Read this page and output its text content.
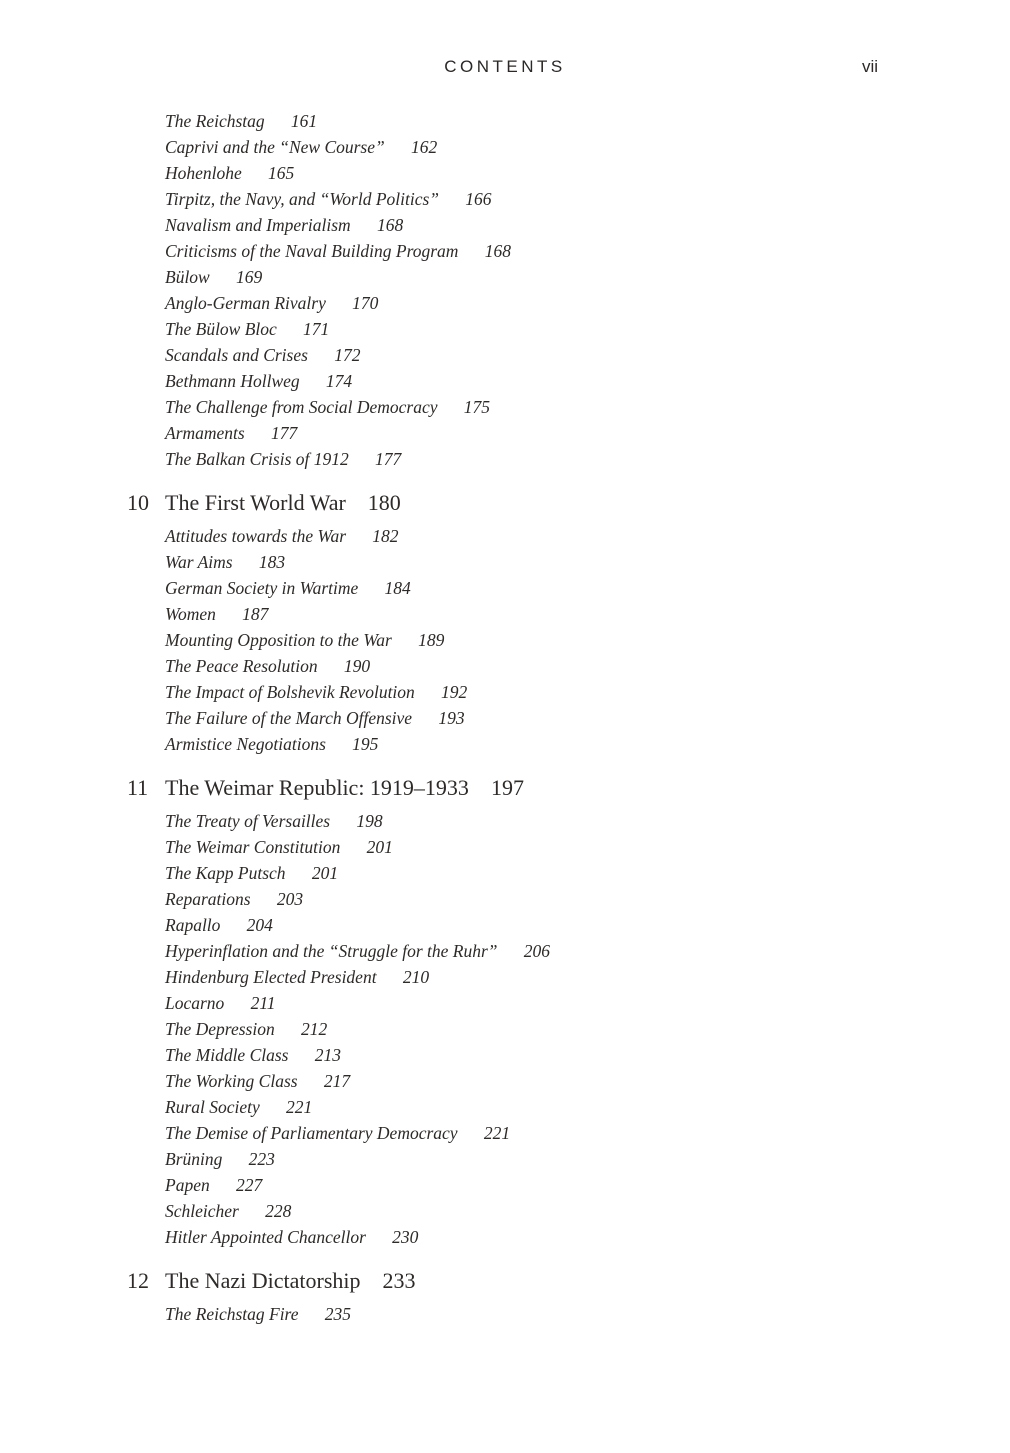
CONTENTS	vii
The Reichstag 161
Caprivi and the “New Course” 162
Hohenlohe 165
Tirpitz, the Navy, and “World Politics” 166
Navalism and Imperialism 168
Criticisms of the Naval Building Program 168
Bülow 169
Anglo-German Rivalry 170
The Bülow Bloc 171
Scandals and Crises 172
Bethmann Hollweg 174
The Challenge from Social Democracy 175
Armaments 177
The Balkan Crisis of 1912 177
10 The First World War 180
Attitudes towards the War 182
War Aims 183
German Society in Wartime 184
Women 187
Mounting Opposition to the War 189
The Peace Resolution 190
The Impact of Bolshevik Revolution 192
The Failure of the March Offensive 193
Armistice Negotiations 195
11 The Weimar Republic: 1919–1933 197
The Treaty of Versailles 198
The Weimar Constitution 201
The Kapp Putsch 201
Reparations 203
Rapallo 204
Hyperinflation and the “Struggle for the Ruhr” 206
Hindenburg Elected President 210
Locarno 211
The Depression 212
The Middle Class 213
The Working Class 217
Rural Society 221
The Demise of Parliamentary Democracy 221
Brüning 223
Papen 227
Schleicher 228
Hitler Appointed Chancellor 230
12 The Nazi Dictatorship 233
The Reichstag Fire 235
